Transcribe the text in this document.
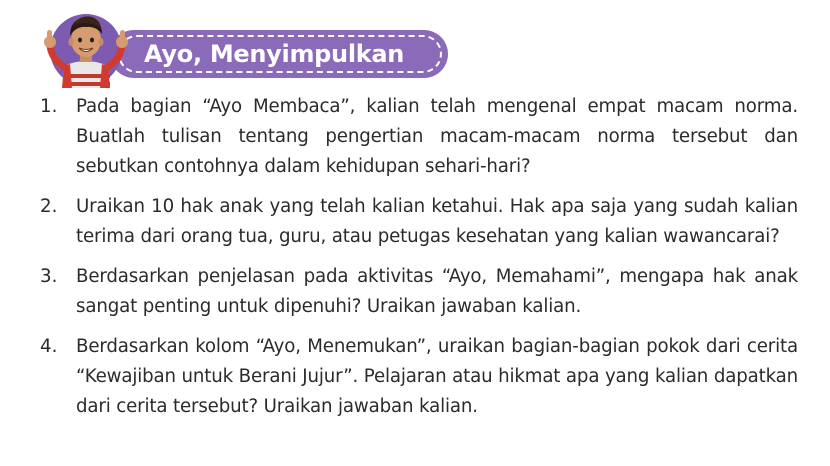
Ayo, Menyimpulkan
1.	Pada bagian “Ayo Membaca”, kalian telah mengenal empat macam norma. Buatlah tulisan tentang pengertian macam-macam norma tersebut dan sebutkan contohnya dalam kehidupan sehari-hari?
2.	Uraikan 10 hak anak yang telah kalian ketahui. Hak apa saja yang sudah kalian terima dari orang tua, guru, atau petugas kesehatan yang kalian wawancarai?
3.	Berdasarkan penjelasan pada aktivitas “Ayo, Memahami”, mengapa hak anak sangat penting untuk dipenuhi? Uraikan jawaban kalian.
4.	Berdasarkan kolom “Ayo, Menemukan”, uraikan bagian-bagian pokok dari cerita “Kewajiban untuk Berani Jujur”. Pelajaran atau hikmat apa yang kalian dapatkan dari cerita tersebut? Uraikan jawaban kalian.
